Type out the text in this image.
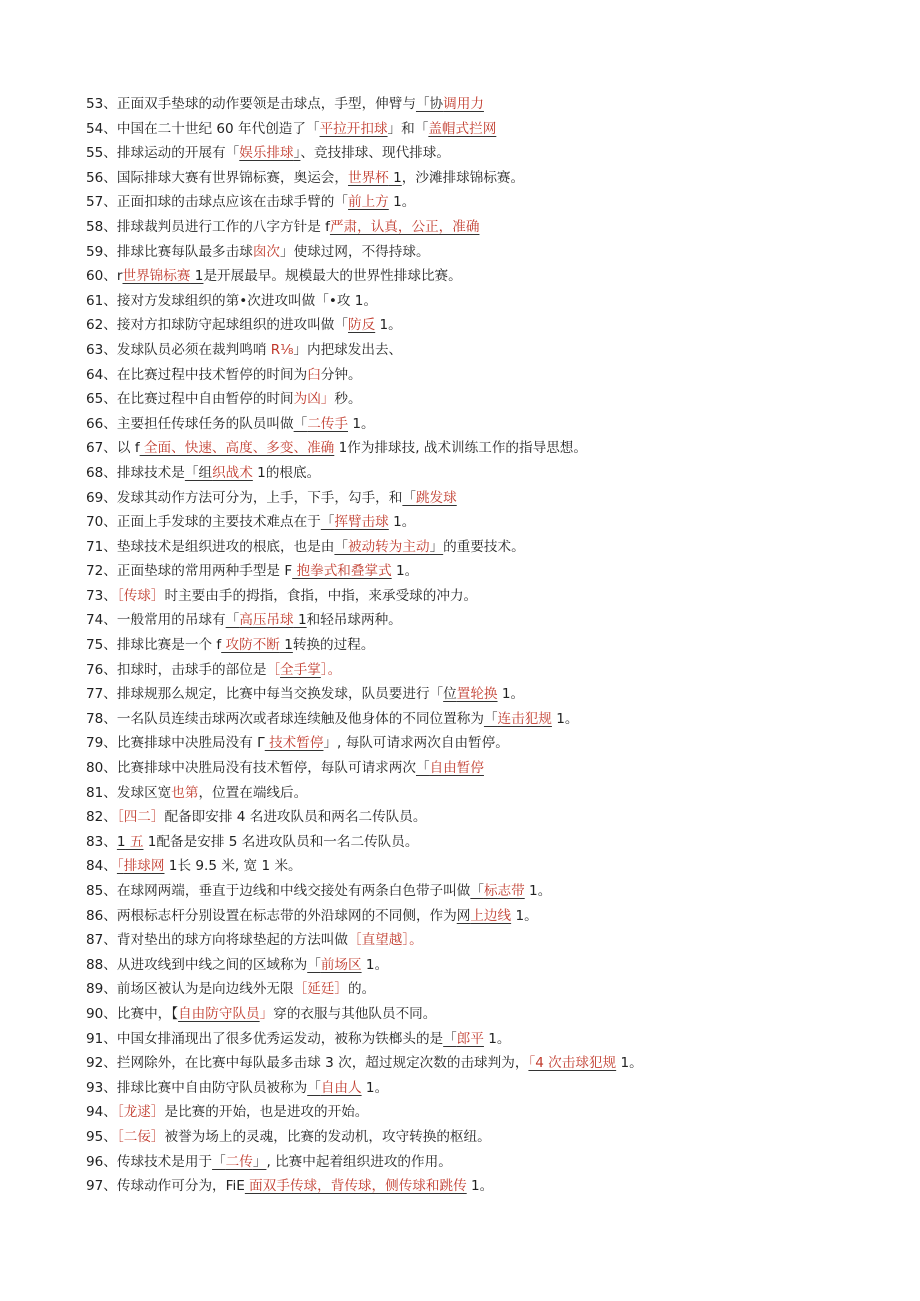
53、正面双手垫球的动作要领是击球点，手型，伸臂与「协调用力
54、中国在二十世纪 60 年代创造了「平拉开扣球」和「盖帽式拦网
55、排球运动的开展有「娱乐排球」、竞技排球、现代排球。
56、国际排球大赛有世界锦标赛，奥运会，世界杯 1，沙滩排球锦标赛。
57、正面扣球的击球点应该在击球手臂的「前上方 1。
58、排球裁判员进行工作的八字方针是 f严肃，认真，公正，准确
59、排球比赛每队最多击球囱次」使球过网，不得持球。
60、r世界锦标赛 1是开展最早。规模最大的世界性排球比赛。
61、接对方发球组织的第•次进攻叫做「•攻 1。
62、接对方扣球防守起球组织的进攻叫做「防反 1。
63、发球队员必须在裁判鸣哨 R⅛」内把球发出去、
64、在比赛过程中技术暂停的时间为臼分钟。
65、在比赛过程中自由暂停的时间为凶」秒。
66、主要担任传球任务的队员叫做「二传手 1。
67、以 f 全面、快速、高度、多变、准确 1作为排球技, 战术训练工作的指导思想。
68、排球技术是「组织战术 1的根底。
69、发球其动作方法可分为，上手，下手，勾手，和「跳发球
70、正面上手发球的主要技术难点在于「挥臂击球 1。
71、垫球技术是组织进攻的根底，也是由「被动转为主动」的重要技术。
72、正面垫球的常用两种手型是 F 抱拳式和叠掌式 1。
73、［传球］时主要由手的拇指，食指，中指，来承受球的冲力。
74、一般常用的吊球有「高压吊球 1和轻吊球两种。
75、排球比赛是一个 f 攻防不断 1转换的过程。
76、扣球时，击球手的部位是［全手掌］。
77、排球规那么规定，比赛中每当交换发球，队员要进行「位置轮换 1。
78、一名队员连续击球两次或者球连续触及他身体的不同位置称为「连击犯规 1。
79、比赛排球中决胜局没有 Γ 技术暂停」, 每队可请求两次自由暂停。
80、比赛排球中决胜局没有技术暂停，每队可请求两次「自由暂停
81、发球区宽也第，位置在端线后。
82、［四二］配备即安排 4 名进攻队员和两名二传队员。
83、1 五 1配备是安排 5 名进攻队员和一名二传队员。
84、「排球网 1长 9.5 米, 宽 1 米。
85、在球网两端，垂直于边线和中线交接处有两条白色带子叫做「标志带 1。
86、两根标志杆分别设置在标志带的外沿球网的不同侧，作为网上边线 1。
87、背对垫出的球方向将球垫起的方法叫做［直望越］。
88、从进攻线到中线之间的区域称为「前场区 1。
89、前场区被认为是向边线外无限［延廷］的。
90、比赛中，【自由防守队员」穿的衣服与其他队员不同。
91、中国女排涌现出了很多优秀运发动，被称为铁榔头的是「郎平 1。
92、拦网除外，在比赛中每队最多击球 3 次，超过规定次数的击球判为，「4 次击球犯规 1。
93、排球比赛中自由防守队员被称为「自由人 1。
94、［龙逑］是比赛的开始，也是进攻的开始。
95、［二佞］被誉为场上的灵魂，比赛的发动机，攻守转换的枢纽。
96、传球技术是用于「二传」, 比赛中起着组织进攻的作用。
97、传球动作可分为，FiE 面双手传球，背传球，侧传球和跳传 1。
